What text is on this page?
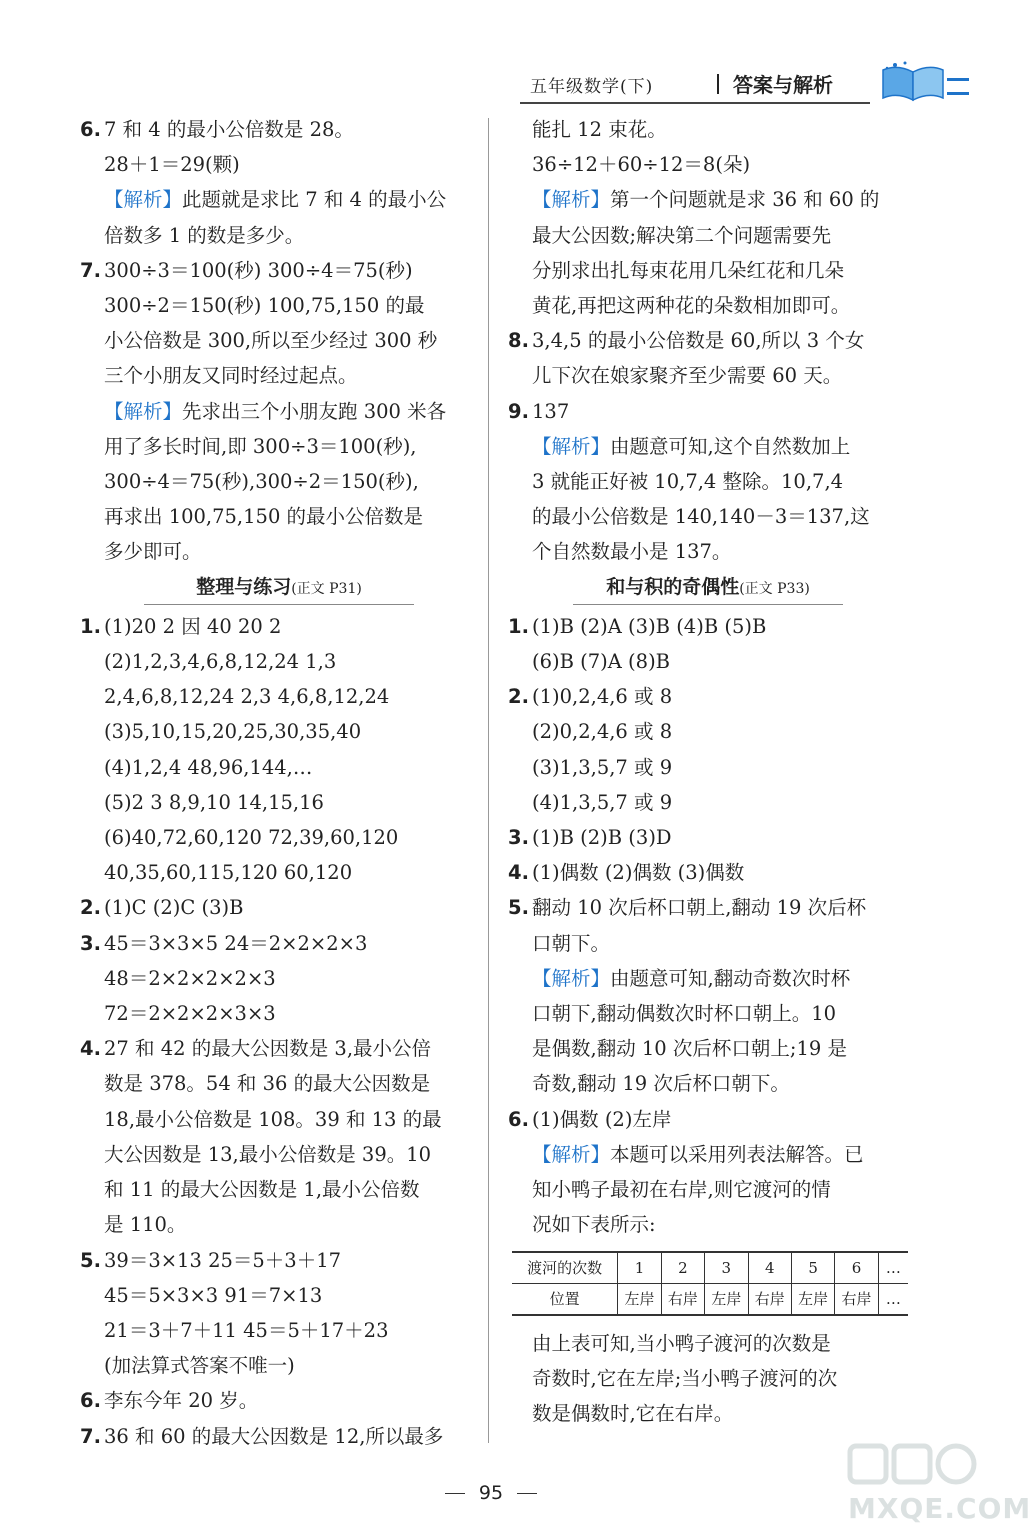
五年级数学(下)	答案与解析
6. 7 和 4 的最小公倍数是 28。
28＋1＝29(颗)
【解析】此题就是求比 7 和 4 的最小公
倍数多 1 的数是多少。
7. 300÷3＝100(秒) 300÷4＝75(秒)
300÷2＝150(秒) 100,75,150 的最
小公倍数是 300,所以至少经过 300 秒
三个小朋友又同时经过起点。
【解析】先求出三个小朋友跑 300 米各
用了多长时间,即 300÷3＝100(秒),
300÷4＝75(秒),300÷2＝150(秒),
再求出 100,75,150 的最小公倍数是
多少即可。
整理与练习(正文 P31)
1. (1)20 2 因 40 20 2
(2)1,2,3,4,6,8,12,24 1,3
2,4,6,8,12,24 2,3 4,6,8,12,24
(3)5,10,15,20,25,30,35,40
(4)1,2,4 48,96,144,…
(5)2 3 8,9,10 14,15,16
(6)40,72,60,120 72,39,60,120
40,35,60,115,120 60,120
2. (1)C (2)C (3)B
3. 45＝3×3×5 24＝2×2×2×3
48＝2×2×2×2×3
72＝2×2×2×3×3
4. 27 和 42 的最大公因数是 3,最小公倍
数是 378。54 和 36 的最大公因数是
18,最小公倍数是 108。39 和 13 的最
大公因数是 13,最小公倍数是 39。10
和 11 的最大公因数是 1,最小公倍数
是 110。
5. 39＝3×13 25＝5＋3＋17
45＝5×3×3 91＝7×13
21＝3＋7＋11 45＝5＋17＋23
(加法算式答案不唯一)
6. 李东今年 20 岁。
7. 36 和 60 的最大公因数是 12,所以最多
能扎 12 束花。
36÷12＋60÷12＝8(朵)
【解析】第一个问题就是求 36 和 60 的
最大公因数;解决第二个问题需要先
分别求出扎每束花用几朵红花和几朵
黄花,再把这两种花的朵数相加即可。
8. 3,4,5 的最小公倍数是 60,所以 3 个女
儿下次在娘家聚齐至少需要 60 天。
9. 137
【解析】由题意可知,这个自然数加上
3 就能正好被 10,7,4 整除。10,7,4
的最小公倍数是 140,140－3＝137,这
个自然数最小是 137。
和与积的奇偶性(正文 P33)
1. (1)B (2)A (3)B (4)B (5)B
(6)B (7)A (8)B
2. (1)0,2,4,6 或 8
(2)0,2,4,6 或 8
(3)1,3,5,7 或 9
(4)1,3,5,7 或 9
3. (1)B (2)B (3)D
4. (1)偶数 (2)偶数 (3)偶数
5. 翻动 10 次后杯口朝上,翻动 19 次后杯
口朝下。
【解析】由题意可知,翻动奇数次时杯
口朝下,翻动偶数次时杯口朝上。10
是偶数,翻动 10 次后杯口朝上;19 是
奇数,翻动 19 次后杯口朝下。
6. (1)偶数 (2)左岸
【解析】本题可以采用列表法解答。已
知小鸭子最初在右岸,则它渡河的情
况如下表所示:
渡河的次数	1	2	3	4	5	6	…
位置	左岸	右岸	左岸	右岸	左岸	右岸	…
由上表可知,当小鸭子渡河的次数是
奇数时,它在左岸;当小鸭子渡河的次
数是偶数时,它在右岸。
95	MXQE.COM
